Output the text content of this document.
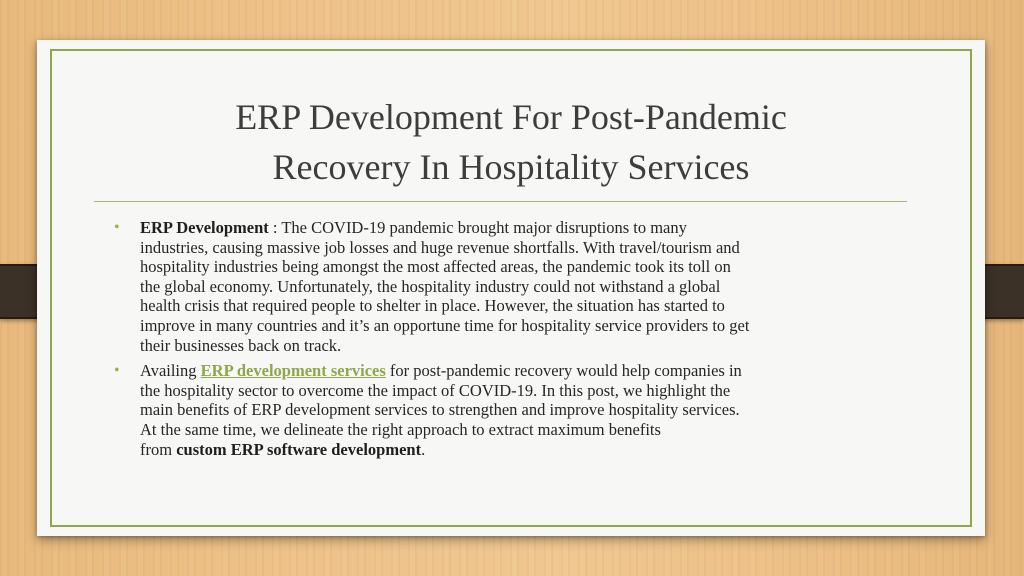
ERP Development For Post-Pandemic
Recovery In Hospitality Services
• ERP Development : The COVID-19 pandemic brought major disruptions to many
industries, causing massive job losses and huge revenue shortfalls. With travel/tourism and
hospitality industries being amongst the most affected areas, the pandemic took its toll on
the global economy. Unfortunately, the hospitality industry could not withstand a global
health crisis that required people to shelter in place. However, the situation has started to
improve in many countries and it’s an opportune time for hospitality service providers to get
their businesses back on track.
• Availing ERP development services for post-pandemic recovery would help companies in
the hospitality sector to overcome the impact of COVID-19. In this post, we highlight the
main benefits of ERP development services to strengthen and improve hospitality services.
At the same time, we delineate the right approach to extract maximum benefits
from custom ERP software development.
